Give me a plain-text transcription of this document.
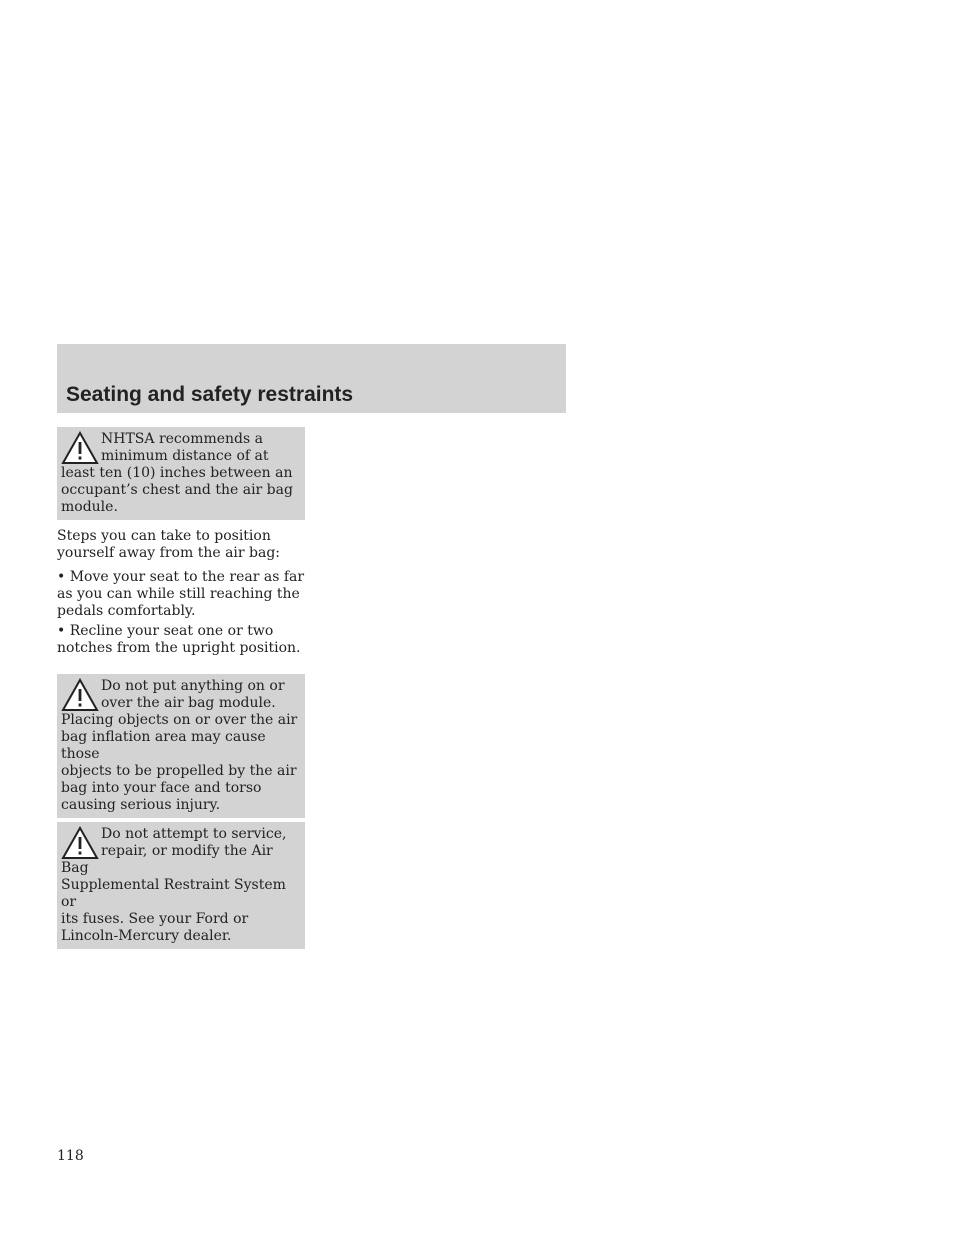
Seating and safety restraints

NHTSA recommends a
minimum distance of at
least ten (10) inches between an
occupant’s chest and the air bag
module.

Steps you can take to position
yourself away from the air bag:

• Move your seat to the rear as far
as you can while still reaching the
pedals comfortably.

• Recline your seat one or two
notches from the upright position.

Do not put anything on or
over the air bag module.
Placing objects on or over the air
bag inflation area may cause those
objects to be propelled by the air
bag into your face and torso
causing serious injury.

Do not attempt to service,
repair, or modify the Air Bag
Supplemental Restraint System or
its fuses. See your Ford or
Lincoln-Mercury dealer.

118
